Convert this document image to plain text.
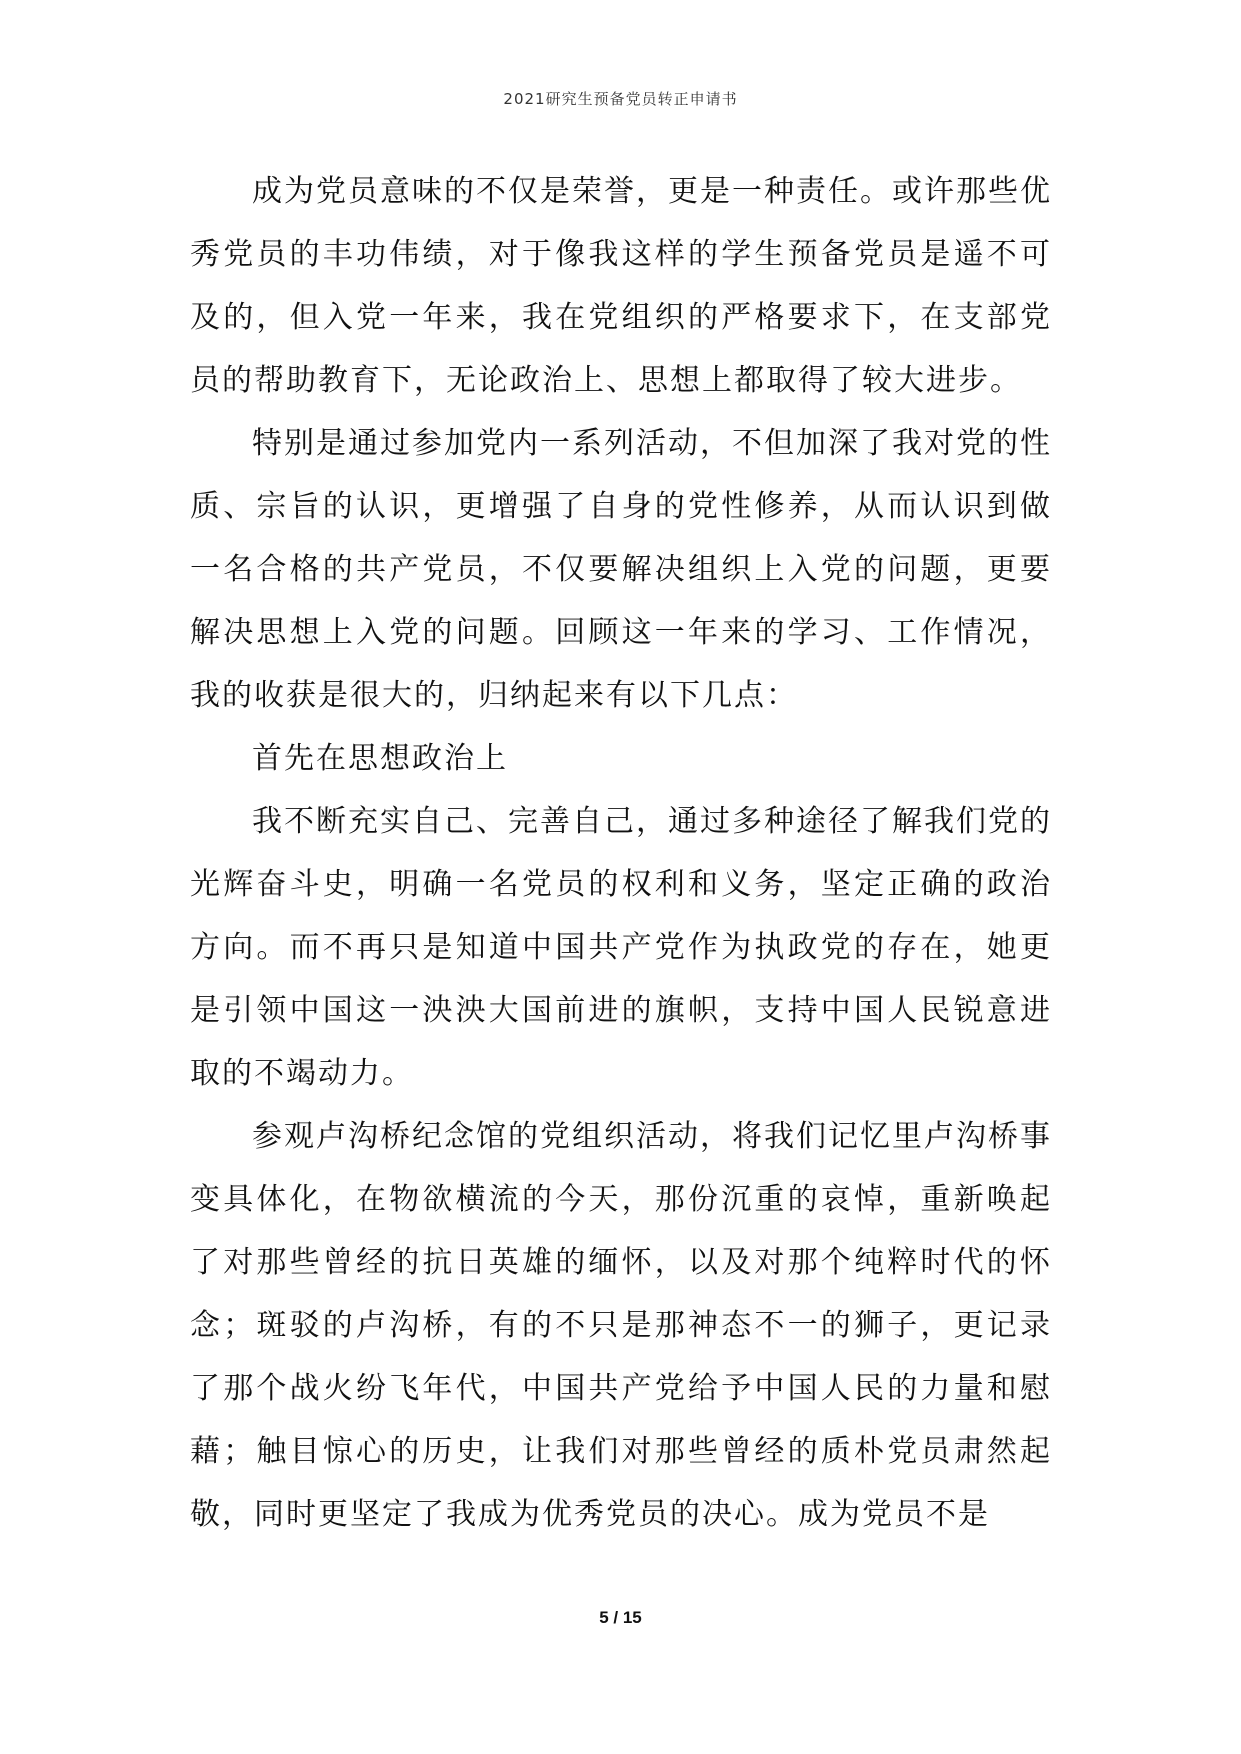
2021研究生预备党员转正申请书

成为党员意味的不仅是荣誉，更是一种责任。或许那些优秀党员的丰功伟绩，对于像我这样的学生预备党员是遥不可及的，但入党一年来，我在党组织的严格要求下，在支部党员的帮助教育下，无论政治上、思想上都取得了较大进步。

特别是通过参加党内一系列活动，不但加深了我对党的性质、宗旨的认识，更增强了自身的党性修养，从而认识到做一名合格的共产党员，不仅要解决组织上入党的问题，更要解决思想上入党的问题。回顾这一年来的学习、工作情况，我的收获是很大的，归纳起来有以下几点：

首先在思想政治上

我不断充实自己、完善自己，通过多种途径了解我们党的光辉奋斗史，明确一名党员的权利和义务，坚定正确的政治方向。而不再只是知道中国共产党作为执政党的存在，她更是引领中国这一泱泱大国前进的旗帜，支持中国人民锐意进取的不竭动力。

参观卢沟桥纪念馆的党组织活动，将我们记忆里卢沟桥事变具体化，在物欲横流的今天，那份沉重的哀悼，重新唤起了对那些曾经的抗日英雄的缅怀，以及对那个纯粹时代的怀念；斑驳的卢沟桥，有的不只是那神态不一的狮子，更记录了那个战火纷飞年代，中国共产党给予中国人民的力量和慰藉；触目惊心的历史，让我们对那些曾经的质朴党员肃然起敬，同时更坚定了我成为优秀党员的决心。成为党员不是

5 / 15
